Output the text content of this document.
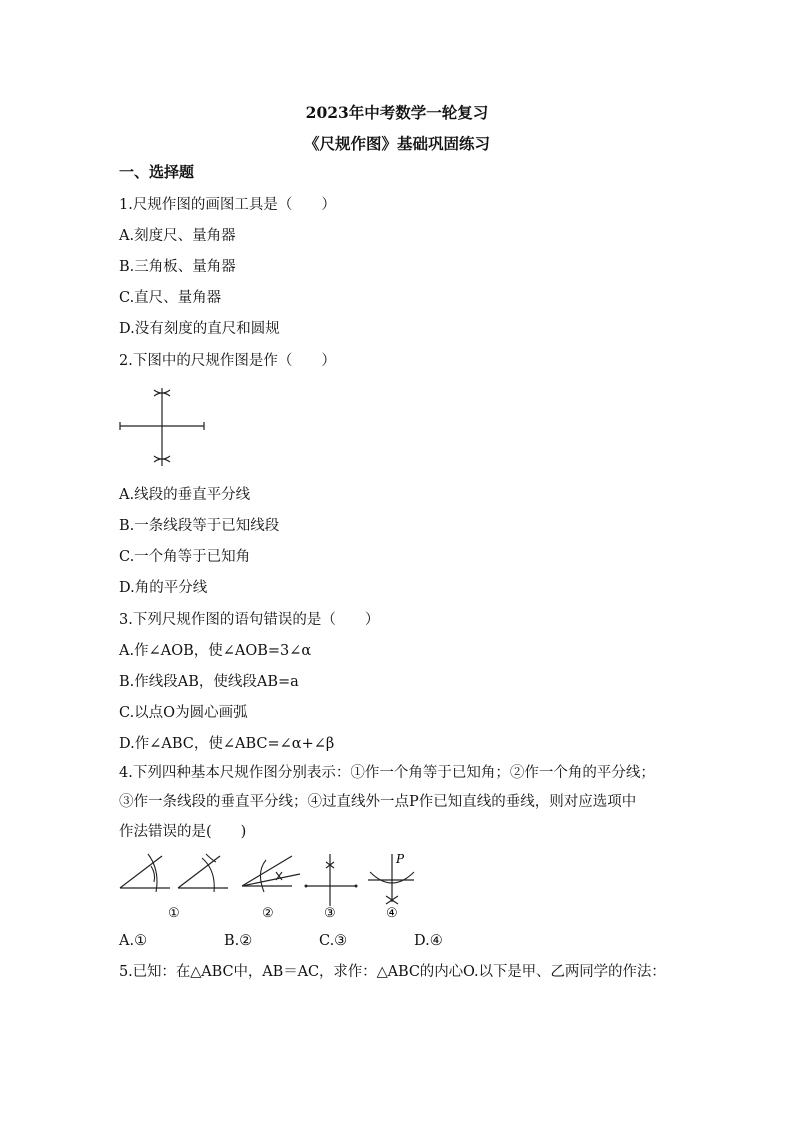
2023年中考数学一轮复习
《尺规作图》基础巩固练习
一、选择题
1.尺规作图的画图工具是（　　）
A.刻度尺、量角器
B.三角板、量角器
C.直尺、量角器
D.没有刻度的直尺和圆规
2.下图中的尺规作图是作（　　）
A.线段的垂直平分线
B.一条线段等于已知线段
C.一个角等于已知角
D.角的平分线
3.下列尺规作图的语句错误的是（　　）
A.作∠AOB，使∠AOB=3∠α
B.作线段AB，使线段AB=a
C.以点O为圆心画弧
D.作∠ABC，使∠ABC=∠α+∠β
4.下列四种基本尺规作图分别表示：①作一个角等于已知角；②作一个角的平分线；
③作一条线段的垂直平分线；④过直线外一点P作已知直线的垂线，则对应选项中
作法错误的是(　　)
P
①	②	③	④
A.①	B.②	C.③	D.④
5.已知：在△ABC中，AB＝AC，求作：△ABC的内心O.以下是甲、乙两同学的作法：
